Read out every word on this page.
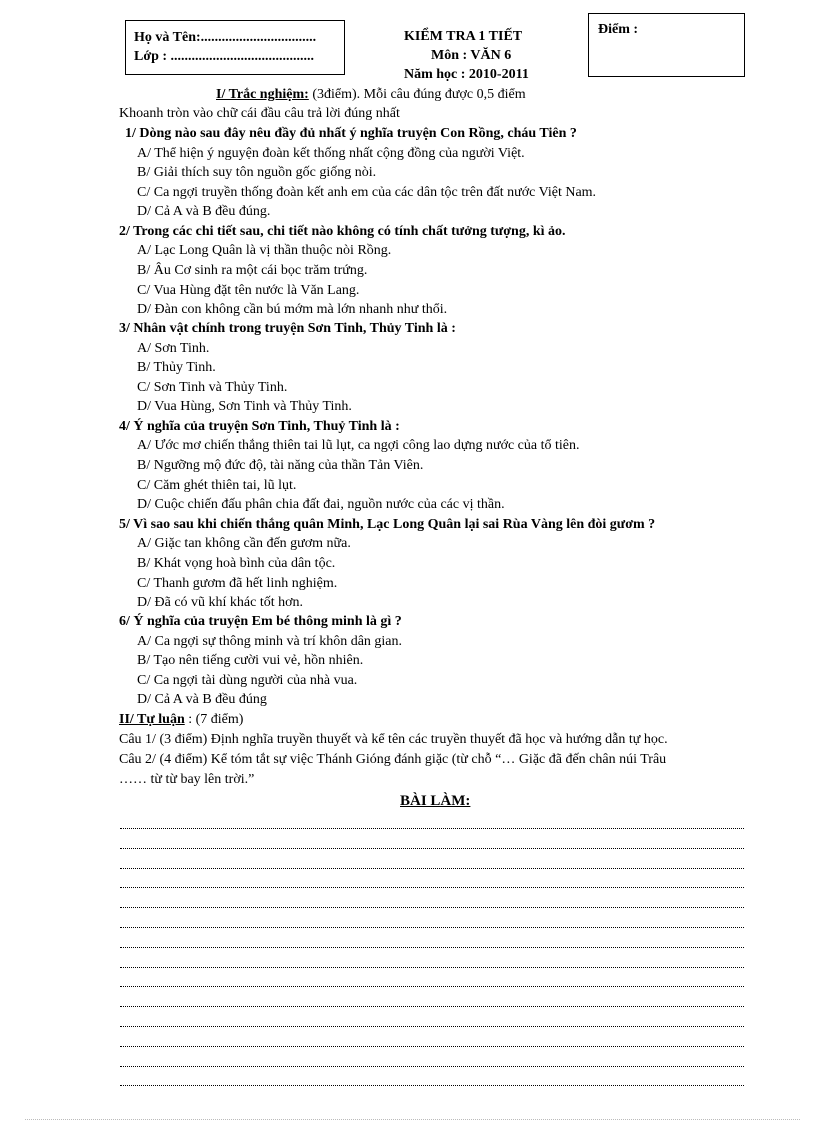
Họ và Tên:.................................
Lớp : .........................................
KIỂM TRA 1 TIẾT
Môn : VĂN 6
Năm học : 2010-2011
Điểm :
I/ Trắc nghiệm: (3điểm). Mỗi câu đúng được 0,5 điểm
Khoanh tròn vào chữ cái đầu câu trả lời đúng nhất
1/ Dòng nào sau đây nêu đầy đủ nhất ý nghĩa truyện Con Rồng, cháu Tiên ?
A/ Thể hiện ý nguyện đoàn kết thống nhất cộng đồng của người Việt.
B/ Giải thích suy tôn nguồn gốc giống nòi.
C/ Ca ngợi truyền thống đoàn kết anh em của các dân tộc trên đất nước Việt Nam.
D/ Cả A và B đều đúng.
2/ Trong các chi tiết sau, chi tiết nào không có tính chất tưởng tượng, kì ảo.
A/ Lạc Long Quân là vị thần thuộc nòi Rồng.
B/ Âu Cơ sinh ra một cái bọc trăm trứng.
C/ Vua Hùng đặt tên nước là Văn Lang.
D/ Đàn con không cần bú mớm mà lớn nhanh như thổi.
3/ Nhân vật chính trong truyện Sơn Tinh, Thủy Tinh là :
A/ Sơn Tinh.
B/ Thủy Tinh.
C/ Sơn Tinh và Thủy Tinh.
D/ Vua Hùng, Sơn Tinh và Thủy Tinh.
4/ Ý nghĩa của truyện Sơn Tinh, Thuỷ Tinh là :
A/ Ước mơ chiến thắng thiên tai lũ lụt, ca ngợi công lao dựng nước của tổ tiên.
B/ Ngưỡng mộ đức độ, tài năng của thần Tản Viên.
C/ Căm ghét thiên tai, lũ lụt.
D/ Cuộc chiến đấu phân chia đất đai, nguồn nước của các vị thần.
5/ Vì sao sau khi chiến thắng quân Minh, Lạc Long Quân lại sai Rùa Vàng lên đòi gươm ?
A/ Giặc tan không cần đến gươm nữa.
B/ Khát vọng hoà bình của dân tộc.
C/ Thanh gươm đã hết linh nghiệm.
D/ Đã có vũ khí khác tốt hơn.
6/ Ý nghĩa của truyện Em bé thông minh là gì ?
A/ Ca ngợi sự thông minh và trí khôn dân gian.
B/ Tạo nên tiếng cười vui vẻ, hồn nhiên.
C/ Ca ngợi tài dùng người của nhà vua.
D/ Cả A và B đều đúng
II/ Tự luận : (7 điểm)
Câu 1/ (3 điểm) Định nghĩa truyền thuyết và kể tên các truyền thuyết đã học và hướng dẫn tự học.
Câu 2/ (4 điểm) Kể tóm tắt sự việc Thánh Gióng đánh giặc (từ chỗ “… Giặc đã đến chân núi Trâu
…… từ từ bay lên trời.”
BÀI LÀM:
